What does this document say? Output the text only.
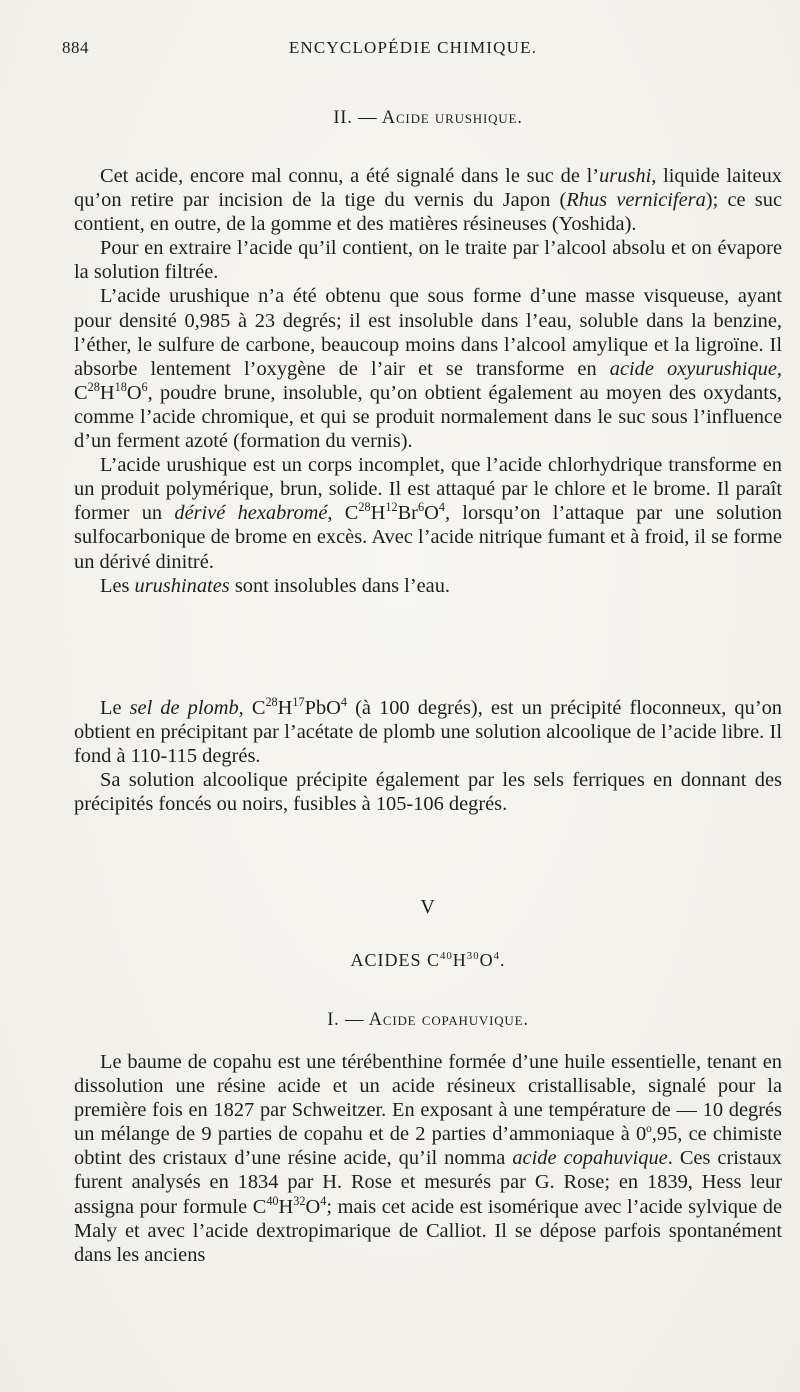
884	ENCYCLOPÉDIE CHIMIQUE.
II. — Acide urushique.

Cet acide, encore mal connu, a été signalé dans le suc de l’urushi, liquide laiteux qu’on retire par incision de la tige du vernis du Japon (Rhus vernicifera); ce suc contient, en outre, de la gomme et des matières résineuses (Yoshida).

Pour en extraire l’acide qu’il contient, on le traite par l’alcool absolu et on évapore la solution filtrée.

L’acide urushique n’a été obtenu que sous forme d’une masse visqueuse, ayant pour densité 0,985 à 23 degrés; il est insoluble dans l’eau, soluble dans la benzine, l’éther, le sulfure de carbone, beaucoup moins dans l’alcool amylique et la ligroïne. Il absorbe lentement l’oxygène de l’air et se transforme en acide oxyurushique, $C^{28}H^{18}O^6$, poudre brune, insoluble, qu’on obtient également au moyen des oxydants, comme l’acide chromique, et qui se produit normalement dans le suc sous l’influence d’un ferment azoté (formation du vernis).

L’acide urushique est un corps incomplet, que l’acide chlorhydrique transforme en un produit polymérique, brun, solide. Il est attaqué par le chlore et le brome. Il paraît former un dérivé hexabromé, $C^{28}H^{12}Br^6O^4$, lorsqu’on l’attaque par une solution sulfocarbonique de brome en excès. Avec l’acide nitrique fumant et à froid, il se forme un dérivé dinitré.

Les urushinates sont insolubles dans l’eau.

Le sel de plomb, $C^{28}H^{17}PbO^4$ (à 100 degrés), est un précipité floconneux, qu’on obtient en précipitant par l’acétate de plomb une solution alcoolique de l’acide libre. Il fond à 110-115 degrés.

Sa solution alcoolique précipite également par les sels ferriques en donnant des précipités foncés ou noirs, fusibles à 105-106 degrés.

V
ACIDES $C^{40}H^{30}O^4$.
I. — Acide copahuvique.

Le baume de copahu est une térébenthine formée d’une huile essentielle, tenant en dissolution une résine acide et un acide résineux cristallisable, signalé pour la première fois en 1827 par Schweitzer. En exposant à une température de — 10 degrés un mélange de 9 parties de copahu et de 2 parties d’ammoniaque à 0$^o$,95, ce chimiste obtint des cristaux d’une résine acide, qu’il nomma acide copahuvique. Ces cristaux furent analysés en 1834 par H. Rose et mesurés par G. Rose; en 1839, Hess leur assigna pour formule $C^{40}H^{32}O^4$; mais cet acide est isomérique avec l’acide sylvique de Maly et avec l’acide dextropimarique de Calliot. Il se dépose parfois spontanément dans les anciens
